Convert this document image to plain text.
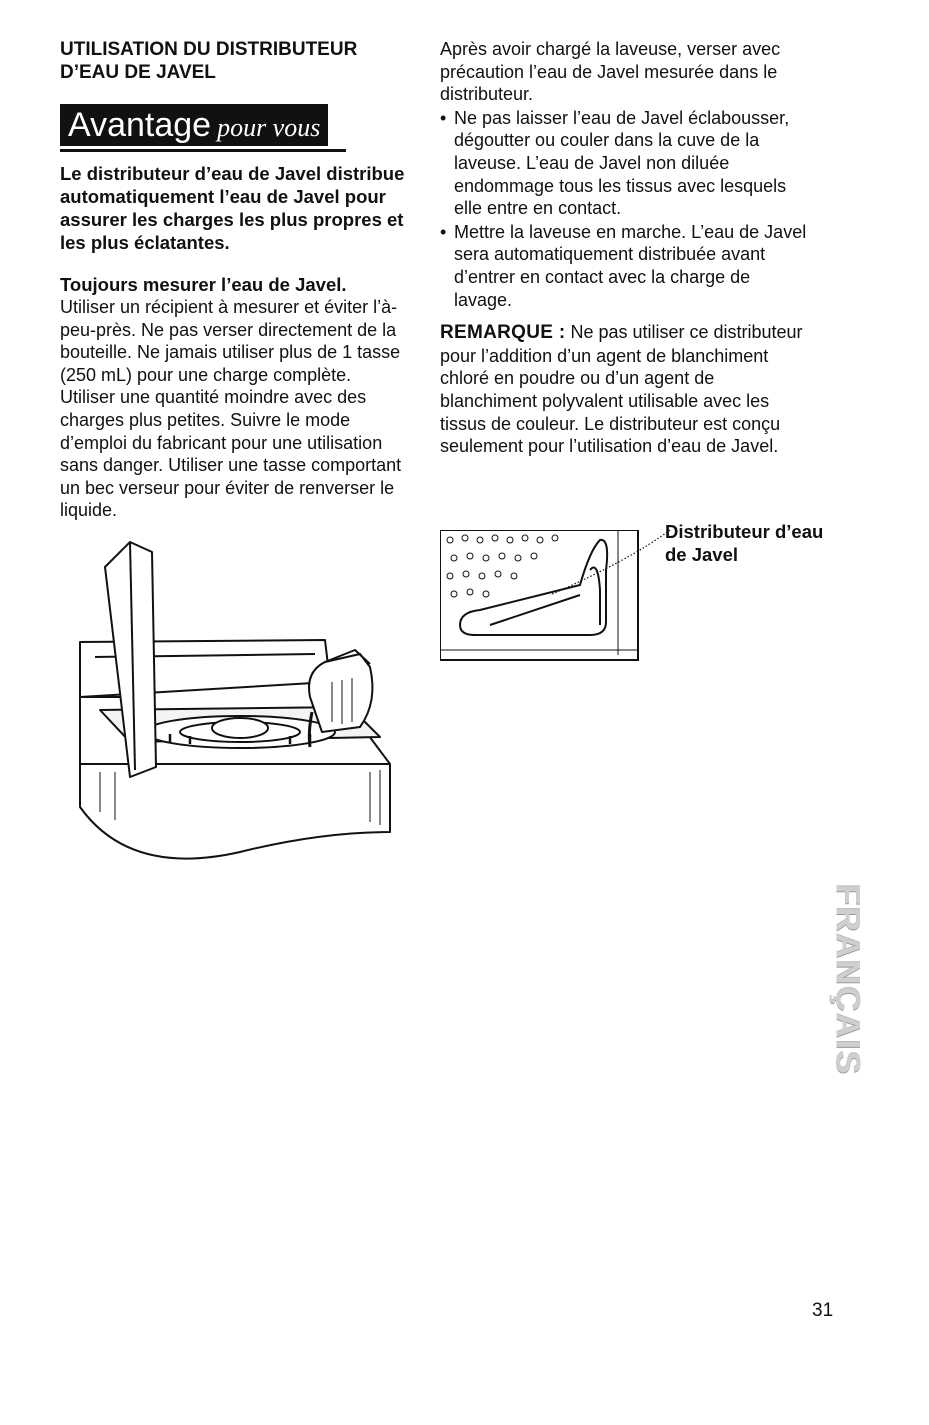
UTILISATION DU DISTRIBUTEUR D’EAU DE JAVEL
Avantage pour vous
Le distributeur d’eau de Javel distribue automatiquement l’eau de Javel pour assurer les charges les plus propres et les plus éclatantes.
Toujours mesurer l’eau de Javel.
Utiliser un récipient à mesurer et éviter l’à-peu-près. Ne pas verser directement de la bouteille. Ne jamais utiliser plus de 1 tasse (250 mL) pour une charge complète. Utiliser une quantité moindre avec des charges plus petites. Suivre le mode d’emploi du fabricant pour une utilisation sans danger. Utiliser une tasse comportant un bec verseur pour éviter de renverser le liquide.

Après avoir chargé la laveuse, verser avec précaution l’eau de Javel mesurée dans le distributeur.

• Ne pas laisser l’eau de Javel éclabousser, dégoutter ou couler dans la cuve de la laveuse. L’eau de Javel non diluée endommage tous les tissus avec lesquels elle entre en contact.
• Mettre la laveuse en marche. L’eau de Javel sera automatiquement distribuée avant d’entrer en contact avec la charge de lavage.

REMARQUE : Ne pas utiliser ce distributeur pour l’addition d’un agent de blanchiment chloré en poudre ou d’un agent de blanchiment polyvalent utilisable avec les tissus de couleur. Le distributeur est conçu seulement pour l’utilisation d’eau de Javel.

Distributeur d’eau de Javel
FRANÇAIS
31
